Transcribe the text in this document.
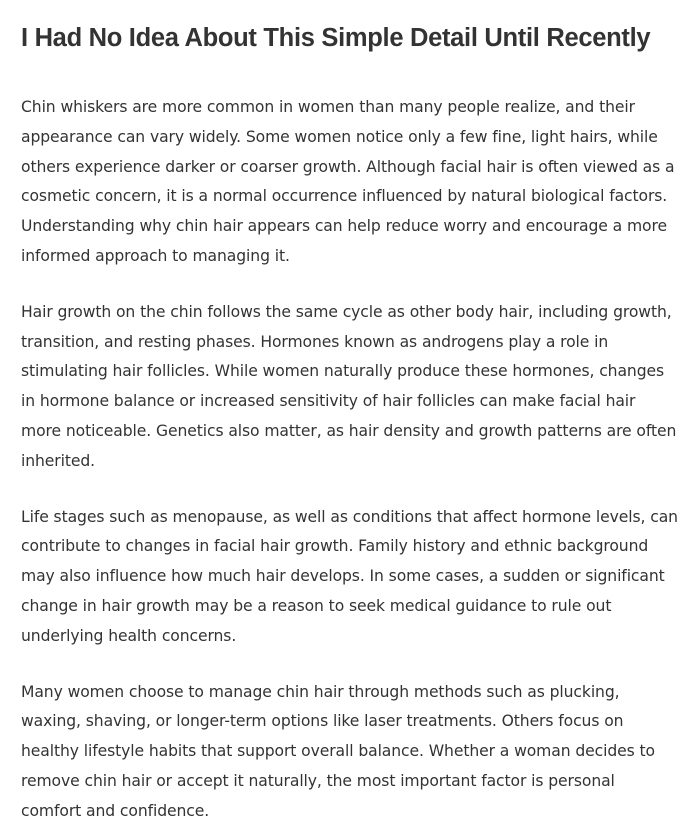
I Had No Idea About This Simple Detail Until Recently

Chin whiskers are more common in women than many people realize, and their appearance can vary widely. Some women notice only a few fine, light hairs, while others experience darker or coarser growth. Although facial hair is often viewed as a cosmetic concern, it is a normal occurrence influenced by natural biological factors. Understanding why chin hair appears can help reduce worry and encourage a more informed approach to managing it.

Hair growth on the chin follows the same cycle as other body hair, including growth, transition, and resting phases. Hormones known as androgens play a role in stimulating hair follicles. While women naturally produce these hormones, changes in hormone balance or increased sensitivity of hair follicles can make facial hair more noticeable. Genetics also matter, as hair density and growth patterns are often inherited.

Life stages such as menopause, as well as conditions that affect hormone levels, can contribute to changes in facial hair growth. Family history and ethnic background may also influence how much hair develops. In some cases, a sudden or significant change in hair growth may be a reason to seek medical guidance to rule out underlying health concerns.

Many women choose to manage chin hair through methods such as plucking, waxing, shaving, or longer-term options like laser treatments. Others focus on healthy lifestyle habits that support overall balance. Whether a woman decides to remove chin hair or accept it naturally, the most important factor is personal comfort and confidence.
